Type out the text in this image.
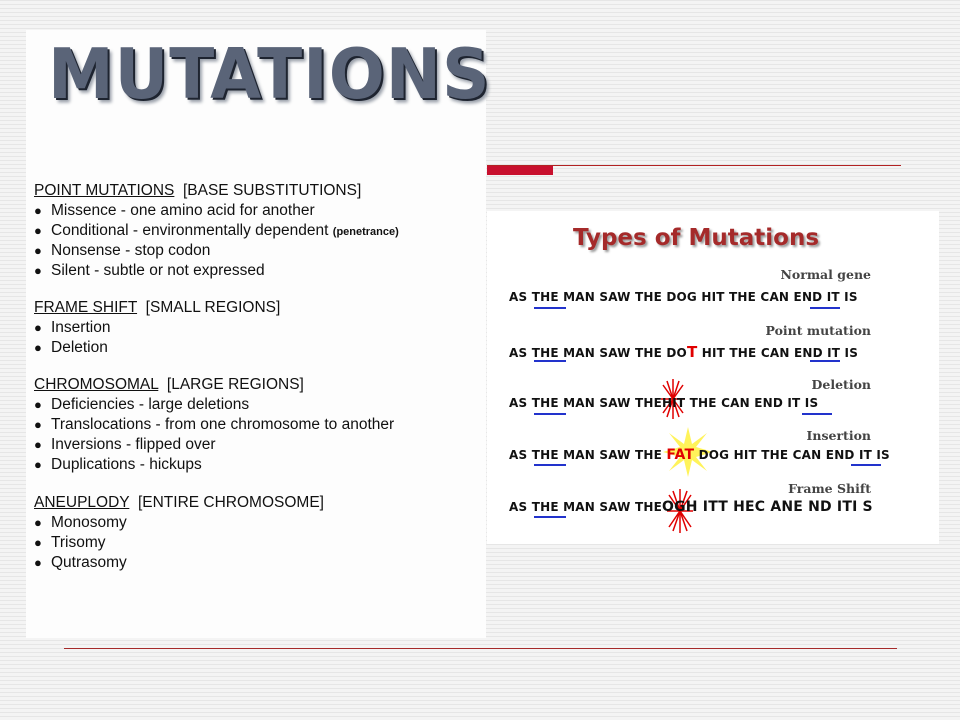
MUTATIONS
POINT MUTATIONS  [BASE SUBSTITUTIONS]
● Missence - one amino acid for another
● Conditional - environmentally dependent (penetrance)
● Nonsense - stop codon
● Silent - subtle or not expressed
FRAME SHIFT  [SMALL REGIONS]
● Insertion
● Deletion
CHROMOSOMAL  [LARGE REGIONS]
● Deficiencies - large deletions
● Translocations - from one chromosome to another
● Inversions - flipped over
● Duplications - hickups
ANEUPLODY  [ENTIRE CHROMOSOME]
● Monosomy
● Trisomy
● Qutrasomy
Types of Mutations
Normal gene
AS THE MAN SAW THE DOG HIT THE CAN END IT IS
Point mutation
AS THE MAN SAW THE DOT HIT THE CAN END IT IS
Deletion
AS THE MAN SAW THEHIT THE CAN END IT IS
Insertion
AS THE MAN SAW THE FAT DOG HIT THE CAN END IT IS
Frame Shift
AS THE MAN SAW THEOGH ITT HEC ANE ND ITI S
